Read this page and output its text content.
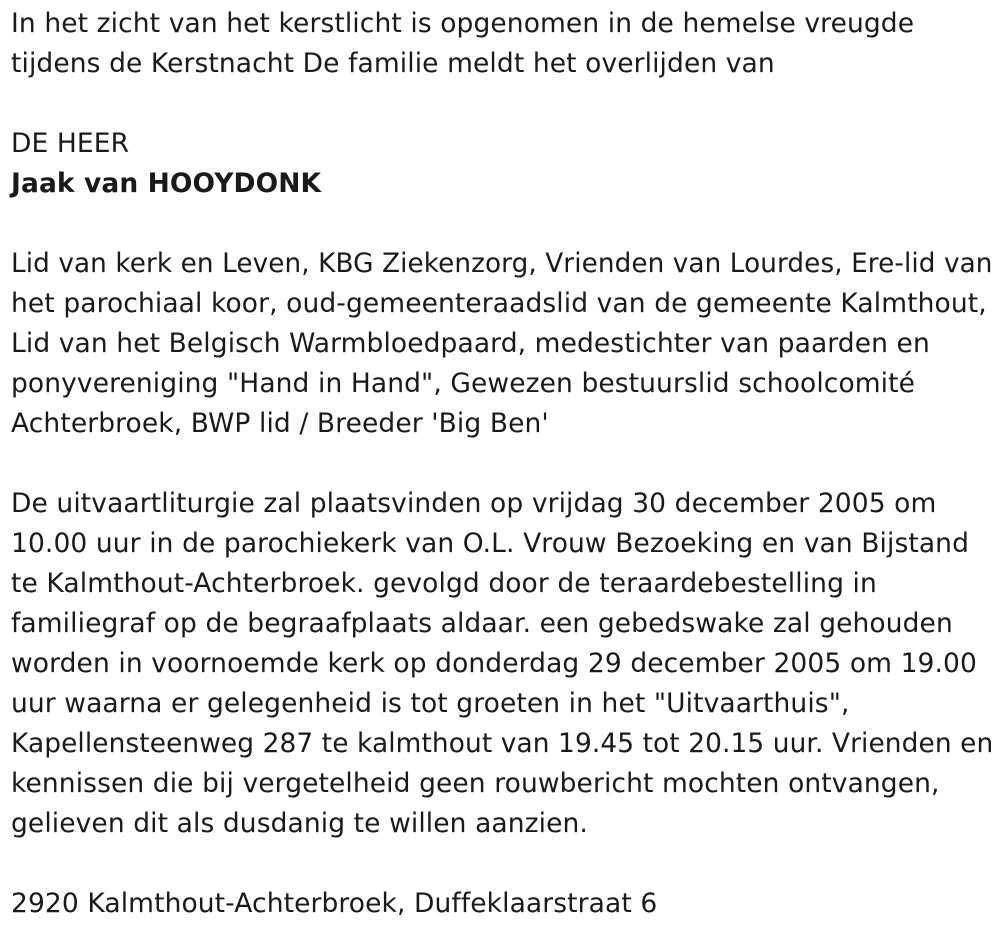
In het zicht van het kerstlicht is opgenomen in de hemelse vreugde
tijdens de Kerstnacht De familie meldt het overlijden van
DE HEER
Jaak van HOOYDONK
Lid van kerk en Leven, KBG Ziekenzorg, Vrienden van Lourdes, Ere-lid van
het parochiaal koor, oud-gemeenteraadslid van de gemeente Kalmthout,
Lid van het Belgisch Warmbloedpaard, medestichter van paarden en
ponyvereniging "Hand in Hand", Gewezen bestuurslid schoolcomité
Achterbroek, BWP lid / Breeder 'Big Ben'
De uitvaartliturgie zal plaatsvinden op vrijdag 30 december 2005 om
10.00 uur in de parochiekerk van O.L. Vrouw Bezoeking en van Bijstand
te Kalmthout-Achterbroek. gevolgd door de teraardebestelling in
familiegraf op de begraafplaats aldaar. een gebedswake zal gehouden
worden in voornoemde kerk op donderdag 29 december 2005 om 19.00
uur waarna er gelegenheid is tot groeten in het "Uitvaarthuis",
Kapellensteenweg 287 te kalmthout van 19.45 tot 20.15 uur. Vrienden en
kennissen die bij vergetelheid geen rouwbericht mochten ontvangen,
gelieven dit als dusdanig te willen aanzien.
2920 Kalmthout-Achterbroek, Duffeklaarstraat 6
